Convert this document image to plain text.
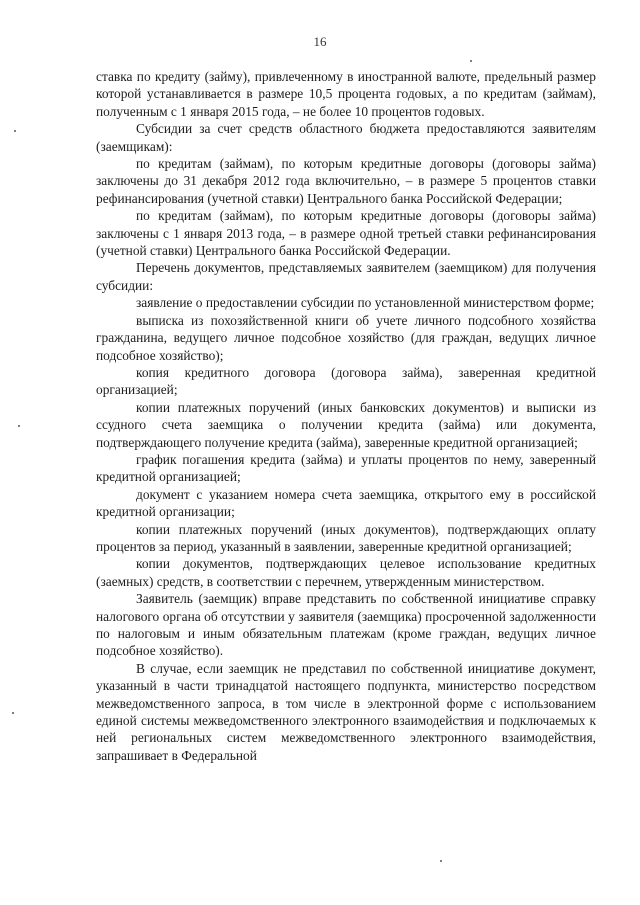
16

ставка по кредиту (займу), привлеченному в иностранной валюте, предельный размер которой устанавливается в размере 10,5 процента годовых, а по кредитам (займам), полученным с 1 января 2015 года, – не более 10 процентов годовых.

Субсидии за счет средств областного бюджета предоставляются заявителям (заемщикам):

по кредитам (займам), по которым кредитные договоры (договоры займа) заключены до 31 декабря 2012 года включительно, – в размере 5 процентов ставки рефинансирования (учетной ставки) Центрального банка Российской Федерации;

по кредитам (займам), по которым кредитные договоры (договоры займа) заключены с 1 января 2013 года, – в размере одной третьей ставки рефинансирования (учетной ставки) Центрального банка Российской Федерации.

Перечень документов, представляемых заявителем (заемщиком) для получения субсидии:

заявление о предоставлении субсидии по установленной министерством форме;

выписка из похозяйственной книги об учете личного подсобного хозяйства гражданина, ведущего личное подсобное хозяйство (для граждан, ведущих личное подсобное хозяйство);

копия кредитного договора (договора займа), заверенная кредитной организацией;

копии платежных поручений (иных банковских документов) и выписки из ссудного счета заемщика о получении кредита (займа) или документа, подтверждающего получение кредита (займа), заверенные кредитной организацией;

график погашения кредита (займа) и уплаты процентов по нему, заверенный кредитной организацией;

документ с указанием номера счета заемщика, открытого ему в российской кредитной организации;

копии платежных поручений (иных документов), подтверждающих оплату процентов за период, указанный в заявлении, заверенные кредитной организацией;

копии документов, подтверждающих целевое использование кредитных (заемных) средств, в соответствии с перечнем, утвержденным министерством.

Заявитель (заемщик) вправе представить по собственной инициативе справку налогового органа об отсутствии у заявителя (заемщика) просроченной задолженности по налоговым и иным обязательным платежам (кроме граждан, ведущих личное подсобное хозяйство).

В случае, если заемщик не представил по собственной инициативе документ, указанный в части тринадцатой настоящего подпункта, министерство посредством межведомственного запроса, в том числе в электронной форме с использованием единой системы межведомственного электронного взаимодействия и подключаемых к ней региональных систем межведомственного электронного взаимодействия, запрашивает в Федеральной
